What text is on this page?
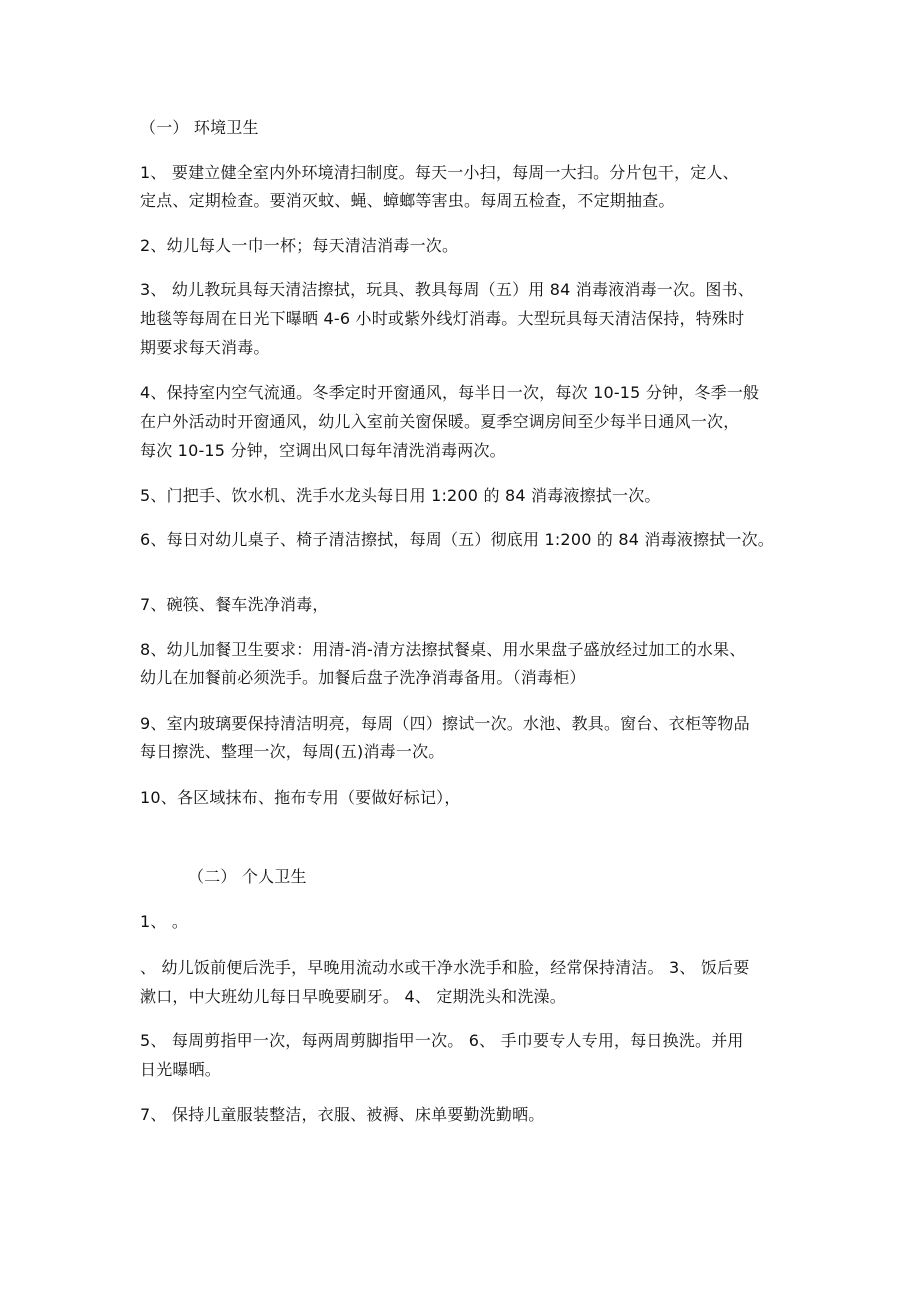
（一） 环境卫生
1、 要建立健全室内外环境清扫制度。每天一小扫，每周一大扫。分片包干，定人、
定点、定期检查。要消灭蚊、蝇、蟑螂等害虫。每周五检查，不定期抽查。
2、幼儿每人一巾一杯；每天清洁消毒一次。
3、 幼儿教玩具每天清洁擦拭，玩具、教具每周（五）用 84 消毒液消毒一次。图书、
地毯等每周在日光下曝晒 4-6 小时或紫外线灯消毒。大型玩具每天清洁保持，特殊时
期要求每天消毒。
4、保持室内空气流通。冬季定时开窗通风，每半日一次，每次 10-15 分钟，冬季一般
在户外活动时开窗通风，幼儿入室前关窗保暖。夏季空调房间至少每半日通风一次，
每次 10-15 分钟，空调出风口每年清洗消毒两次。
5、门把手、饮水机、洗手水龙头每日用 1:200 的 84 消毒液擦拭一次。
6、每日对幼儿桌子、椅子清洁擦拭，每周（五）彻底用 1:200 的 84 消毒液擦拭一次。
7、碗筷、餐车洗净消毒，
8、幼儿加餐卫生要求：用清-消-清方法擦拭餐桌、用水果盘子盛放经过加工的水果、
幼儿在加餐前必须洗手。加餐后盘子洗净消毒备用。（消毒柜）
9、室内玻璃要保持清洁明亮，每周（四）擦试一次。水池、教具。窗台、衣柜等物品
每日擦洗、整理一次，每周(五)消毒一次。
10、各区域抹布、拖布专用（要做好标记），
（二） 个人卫生
1、 。
、 幼儿饭前便后洗手，早晚用流动水或干净水洗手和脸，经常保持清洁。 3、 饭后要
漱口，中大班幼儿每日早晚要刷牙。 4、 定期洗头和洗澡。
5、 每周剪指甲一次，每两周剪脚指甲一次。 6、 手巾要专人专用，每日换洗。并用
日光曝晒。
7、 保持儿童服装整洁，衣服、被褥、床单要勤洗勤晒。
